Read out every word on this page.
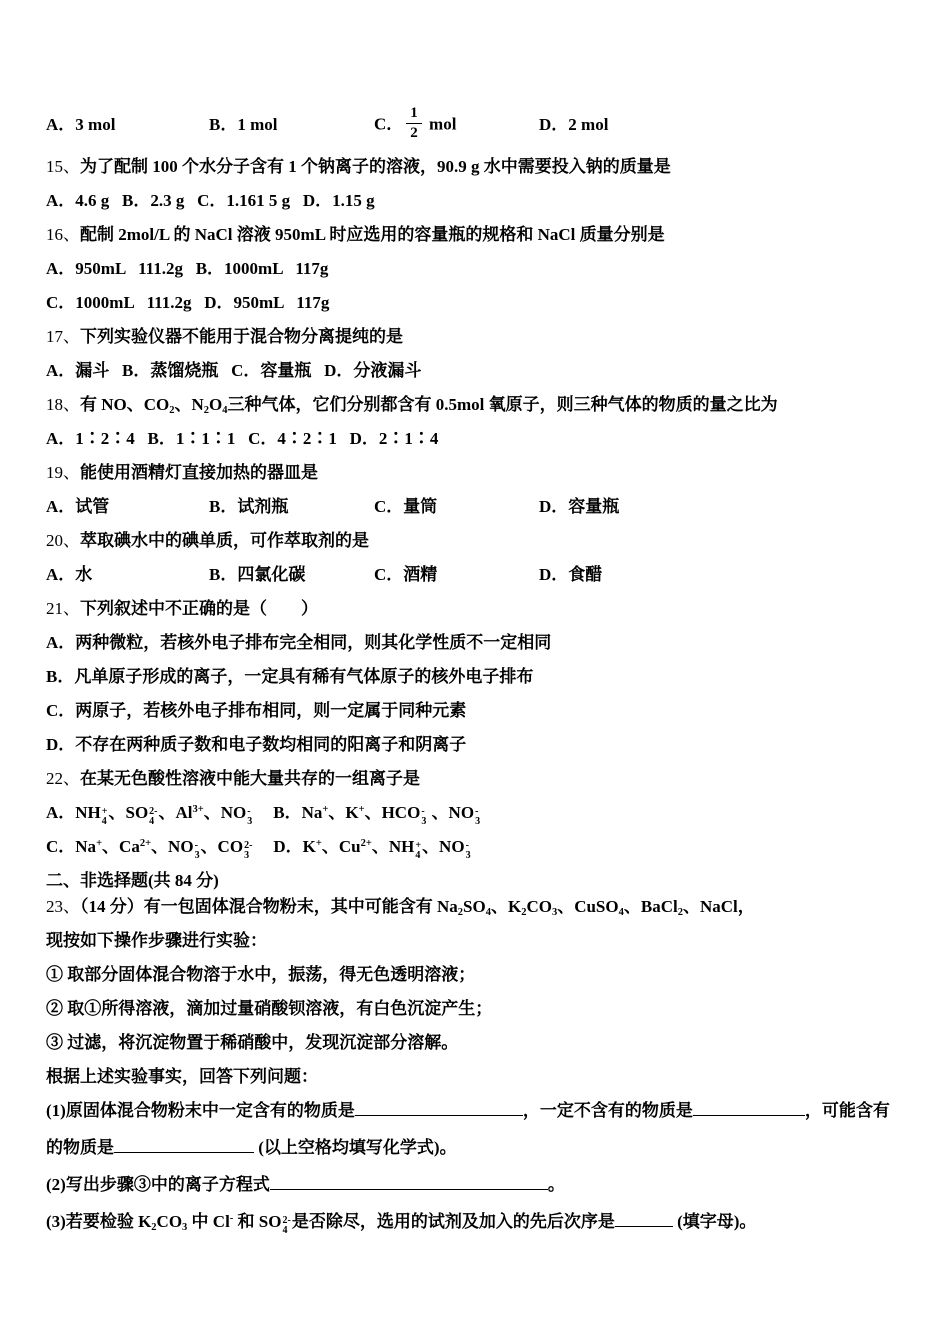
A．3 mol	B．1 mol	C． $\frac{1}{2}$ mol	D．2 mol
15、为了配制 100 个水分子含有 1 个钠离子的溶液，90.9 g 水中需要投入钠的质量是
A．4.6 g   B．2.3 g   C．1.161 5 g   D．1.15 g
16、配制 2mol/L 的 NaCl 溶液 950mL 时应选用的容量瓶的规格和 NaCl 质量分别是
A．950mL   111.2g   B．1000mL   117g
C．1000mL   111.2g   D．950mL   117g
17、下列实验仪器不能用于混合物分离提纯的是
A．漏斗   B．蒸馏烧瓶   C．容量瓶   D．分液漏斗
18、有 NO、$CO_2$、$N_2O_4$三种气体，它们分别都含有 0.5mol 氧原子，则三种气体的物质的量之比为
A．1∶2∶4   B．1∶1∶1   C．4∶2∶1   D．2∶1∶4
19、能使用酒精灯直接加热的器皿是
A．试管	B．试剂瓶	C．量筒	D．容量瓶
20、萃取碘水中的碘单质，可作萃取剂的是
A．水	B．四氯化碳	C．酒精	D．食醋
21、下列叙述中不正确的是（　　）
A．两种微粒，若核外电子排布完全相同，则其化学性质不一定相同
B．凡单原子形成的离子，一定具有稀有气体原子的核外电子排布
C．两原子，若核外电子排布相同，则一定属于同种元素
D．不存在两种质子数和电子数均相同的阳离子和阴离子
22、在某无色酸性溶液中能大量共存的一组离子是
A．NH +
4 、SO 2-
4 、$Al^{3+}$、NO -
3 B．Na+、K+、HCO -
3 、NO -
3
C．Na+、$Ca^{2+}$、NO -
3 、CO 2-
3 D．K+、$Cu^{2+}$、NH +
4 、NO -
3
二、非选择题(共 84 分)
23、（14 分）有一包固体混合物粉末，其中可能含有 $Na_2SO_4$、$K_2CO_3$、CuSO$_4$、BaCl$_2$、NaCl，
现按如下操作步骤进行实验：
① 取部分固体混合物溶于水中，振荡，得无色透明溶液；
② 取①所得溶液，滴加过量硝酸钡溶液，有白色沉淀产生；
③ 过滤，将沉淀物置于稀硝酸中，发现沉淀部分溶解。
根据上述实验事实，回答下列问题：
(1)原固体混合物粉末中一定含有的物质是	，一定不含有的物质是	，可能含有
的物质是	(以上空格均填写化学式)。
(2)写出步骤③中的离子方程式	。
(3)若要检验 $K_2CO_3$ 中 Cl- 和 SO 2-
4 是否除尽，选用的试剂及加入的先后次序是	(填字母)。
